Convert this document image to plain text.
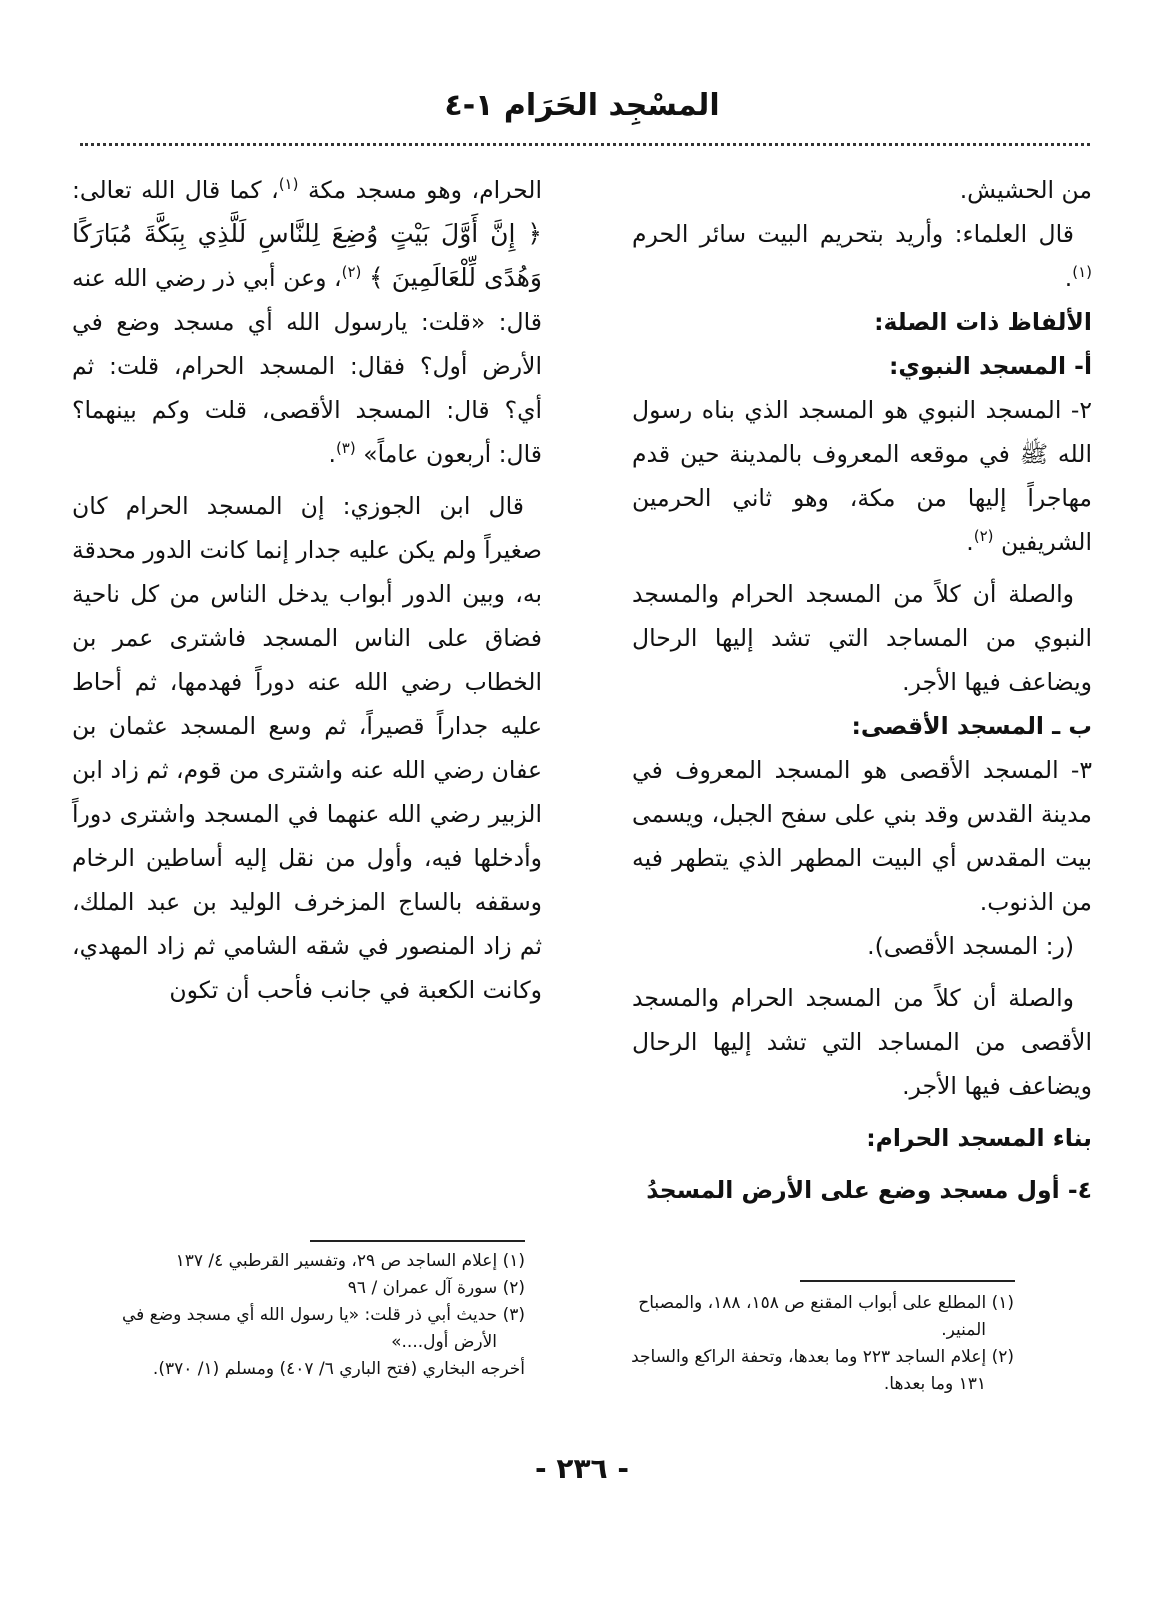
المسْجِد الحَرَام ١-٤

من الحشيش.

قال العلماء: وأريد بتحريم البيت سائر الحرم $^{(١)}$.

الألفاظ ذات الصلة:

أ- المسجد النبوي:

٢- المسجد النبوي هو المسجد الذي بناه رسول الله ﷺ في موقعه المعروف بالمدينة حين قدم مهاجراً إليها من مكة، وهو ثاني الحرمين الشريفين $^{(٢)}$.

والصلة أن كلاً من المسجد الحرام والمسجد النبوي من المساجد التي تشد إليها الرحال ويضاعف فيها الأجر.

ب ـ المسجد الأقصى:

٣- المسجد الأقصى هو المسجد المعروف في مدينة القدس وقد بني على سفح الجبل، ويسمى بيت المقدس أي البيت المطهر الذي يتطهر فيه من الذنوب.

(ر: المسجد الأقصى).

والصلة أن كلاً من المسجد الحرام والمسجد الأقصى من المساجد التي تشد إليها الرحال ويضاعف فيها الأجر.

بناء المسجد الحرام:

٤- أول مسجد وضع على الأرض المسجدُ

الحرام، وهو مسجد مكة $^{(١)}$، كما قال الله تعالى: ﴿ إِنَّ أَوَّلَ بَيْتٍ وُضِعَ لِلنَّاسِ لَلَّذِي بِبَكَّةَ مُبَارَكًا وَهُدًى لِّلْعَالَمِينَ ﴾ $^{(٢)}$، وعن أبي ذر رضي الله عنه قال: «قلت: يارسول الله أي مسجد وضع في الأرض أول؟ فقال: المسجد الحرام، قلت: ثم أي؟ قال: المسجد الأقصى، قلت وكم بينهما؟ قال: أربعون عاماً» $^{(٣)}$.

قال ابن الجوزي: إن المسجد الحرام كان صغيراً ولم يكن عليه جدار إنما كانت الدور محدقة به، وبين الدور أبواب يدخل الناس من كل ناحية فضاق على الناس المسجد فاشترى عمر بن الخطاب رضي الله عنه دوراً فهدمها، ثم أحاط عليه جداراً قصيراً، ثم وسع المسجد عثمان بن عفان رضي الله عنه واشترى من قوم، ثم زاد ابن الزبير رضي الله عنهما في المسجد واشترى دوراً وأدخلها فيه، وأول من نقل إليه أساطين الرخام وسقفه بالساج المزخرف الوليد بن عبد الملك، ثم زاد المنصور في شقه الشامي ثم زاد المهدي، وكانت الكعبة في جانب فأحب أن تكون

(١) إعلام الساجد ص ٢٩، وتفسير القرطبي ٤/ ١٣٧

(٢) سورة آل عمران / ٩٦

(٣) حديث أبي ذر قلت: «يا رسول الله أي مسجد وضع في

الأرض أول....»

أخرجه البخاري (فتح الباري ٦/ ٤٠٧) ومسلم (١/ ٣٧٠).

(١) المطلع على أبواب المقنع ص ١٥٨، ١٨٨، والمصباح

المنير.

(٢) إعلام الساجد ٢٢٣ وما بعدها، وتحفة الراكع والساجد

١٣١ وما بعدها.

- ٢٣٦ -
